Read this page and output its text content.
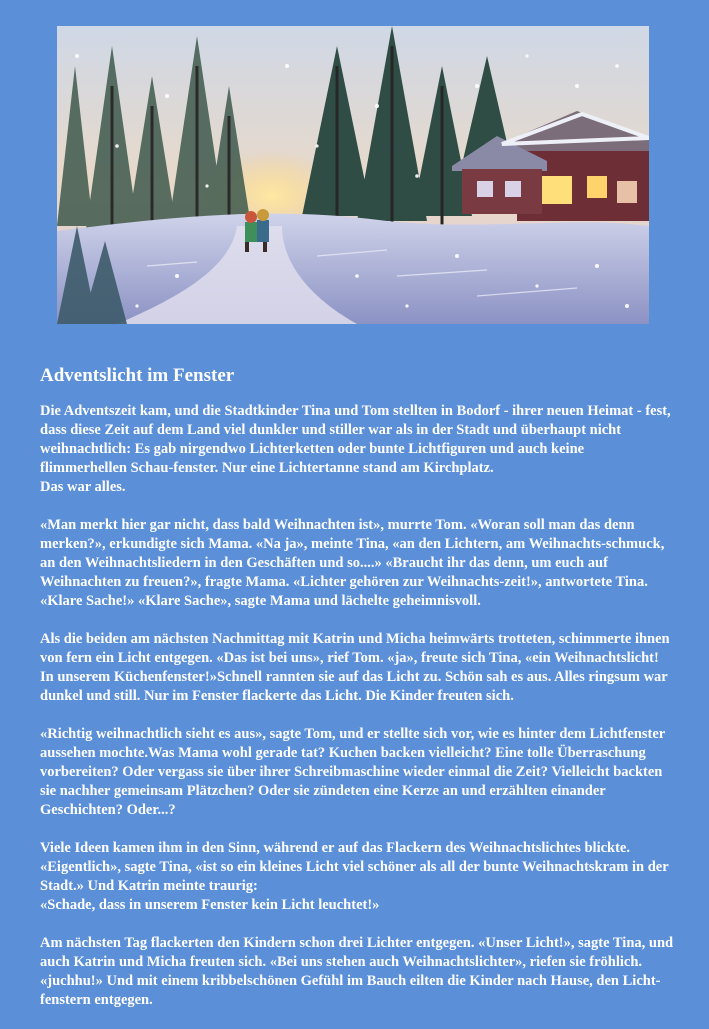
Adventslicht im Fenster

Die Adventszeit kam, und die Stadtkinder Tina und Tom stellten in Bodorf - ihrer neuen Heimat - fest, dass diese Zeit auf dem Land viel dunkler und stiller war als in der Stadt und überhaupt nicht weihnachtlich: Es gab nirgendwo Lichterketten oder bunte Lichtfiguren und auch keine flimmerhellen Schau-fenster. Nur eine Lichtertanne stand am Kirchplatz.
Das war alles.

«Man merkt hier gar nicht, dass bald Weihnachten ist», murrte Tom. «Woran soll man das denn merken?», erkundigte sich Mama. «Na ja», meinte Tina, «an den Lichtern, am Weihnachts-schmuck, an den Weihnachtsliedern in den Geschäften und so....» «Braucht ihr das denn, um euch auf Weihnachten zu freuen?», fragte Mama. «Lichter gehören zur Weihnachts-zeit!», antwortete Tina. «Klare Sache!» «Klare Sache», sagte Mama und lächelte geheimnisvoll.

Als die beiden am nächsten Nachmittag mit Katrin und Micha heimwärts trotteten, schimmerte ihnen von fern ein Licht entgegen. «Das ist bei uns», rief Tom. «ja», freute sich Tina, «ein Weihnachtslicht! In unserem Küchenfenster!»Schnell rannten sie auf das Licht zu. Schön sah es aus. Alles ringsum war dunkel und still. Nur im Fenster flackerte das Licht. Die Kinder freuten sich.

«Richtig weihnachtlich sieht es aus», sagte Tom, und er stellte sich vor, wie es hinter dem Lichtfenster aussehen mochte.Was Mama wohl gerade tat? Kuchen backen vielleicht? Eine tolle Überraschung vorbereiten? Oder vergass sie über ihrer Schreibmaschine wieder einmal die Zeit? Vielleicht backten sie nachher gemeinsam Plätzchen? Oder sie zündeten eine Kerze an und erzählten einander Geschichten? Oder...?

Viele Ideen kamen ihm in den Sinn, während er auf das Flackern des Weihnachtslichtes blickte. «Eigentlich», sagte Tina, «ist so ein kleines Licht viel schöner als all der bunte Weihnachtskram in der Stadt.» Und Katrin meinte traurig:
«Schade, dass in unserem Fenster kein Licht leuchtet!»

Am nächsten Tag flackerten den Kindern schon drei Lichter entgegen. «Unser Licht!», sagte Tina, und auch Katrin und Micha freuten sich. «Bei uns stehen auch Weihnachtslichter», riefen sie fröhlich. «juchhu!» Und mit einem kribbelschönen Gefühl im Bauch eilten die Kinder nach Hause, den Licht-fenstern entgegen.
